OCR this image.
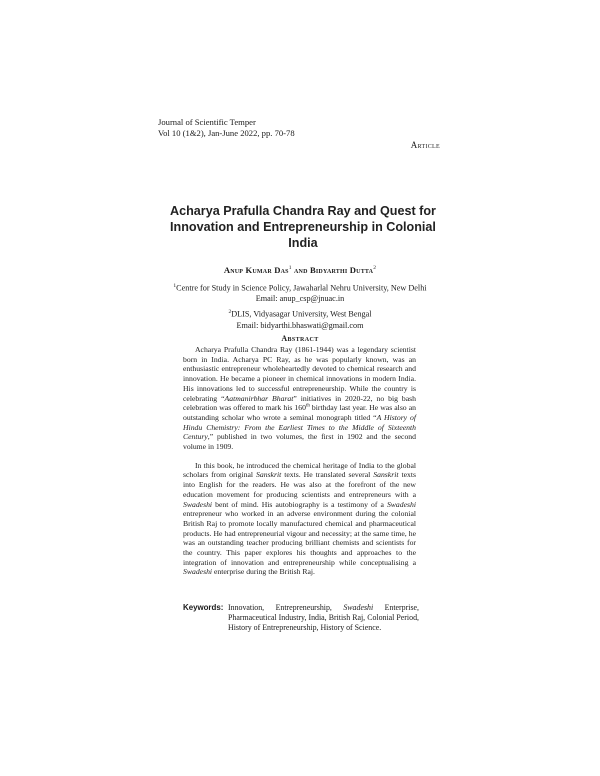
Journal of Scientific Temper
Vol 10 (1&2), Jan-June 2022, pp. 70-78
Article
Acharya Prafulla Chandra Ray and Quest for Innovation and Entrepreneurship in Colonial India
Anup Kumar Das$^1$ and Bidyarthi Dutta$^2$
$^1$Centre for Study in Science Policy, Jawaharlal Nehru University, New Delhi
Email: anup_csp@jnuac.in
$^2$DLIS, Vidyasagar University, West Bengal
Email: bidyarthi.bhaswati@gmail.com
Abstract

Acharya Prafulla Chandra Ray (1861-1944) was a legendary scientist born in India. Acharya PC Ray, as he was popularly known, was an enthusiastic entrepreneur wholeheartedly devoted to chemical research and innovation. He became a pioneer in chemical innovations in modern India. His innovations led to successful entrepreneurship. While the country is celebrating “Aatmanirbhar Bharat” initiatives in 2020-22, no big bash celebration was offered to mark his 160th birthday last year. He was also an outstanding scholar who wrote a seminal monograph titled “A History of Hindu Chemistry: From the Earliest Times to the Middle of Sixteenth Century,” published in two volumes, the first in 1902 and the second volume in 1909.

In this book, he introduced the chemical heritage of India to the global scholars from original Sanskrit texts. He translated several Sanskrit texts into English for the readers. He was also at the forefront of the new education movement for producing scientists and entrepreneurs with a Swadeshi bent of mind. His autobiography is a testimony of a Swadeshi entrepreneur who worked in an adverse environment during the colonial British Raj to promote locally manufactured chemical and pharmaceutical products. He had entrepreneurial vigour and necessity; at the same time, he was an outstanding teacher producing brilliant chemists and scientists for the country. This paper explores his thoughts and approaches to the integration of innovation and entrepreneurship while conceptualising a Swadeshi enterprise during the British Raj.

Keywords: Innovation, Entrepreneurship, Swadeshi Enterprise, Pharmaceutical Industry, India, British Raj, Colonial Period, History of Entrepreneurship, History of Science.
